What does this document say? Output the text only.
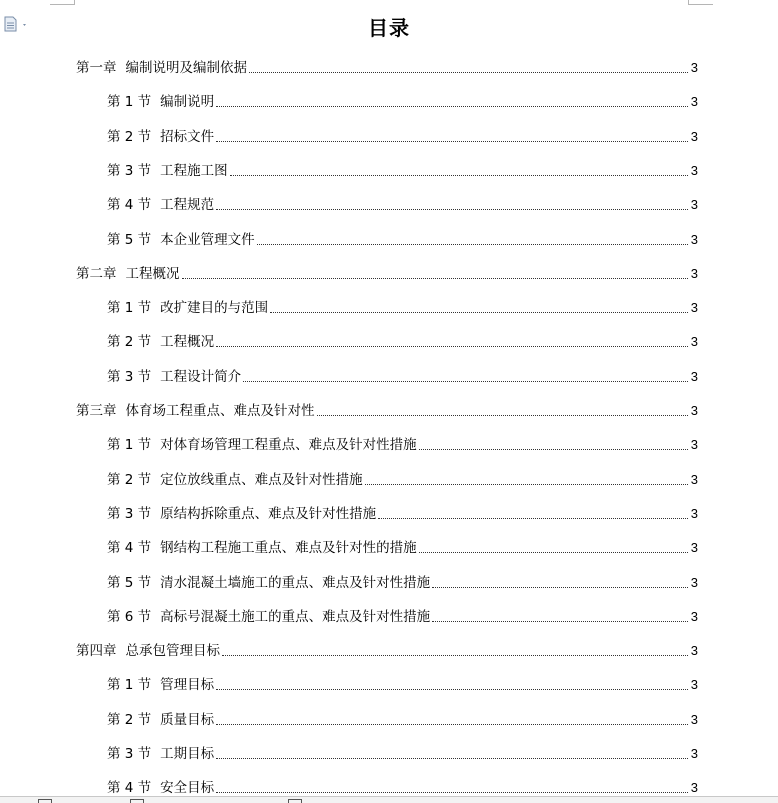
目录
第一章 编制说明及编制依据	3
第 1 节 编制说明	3
第 2 节 招标文件	3
第 3 节 工程施工图	3
第 4 节 工程规范	3
第 5 节 本企业管理文件	3
第二章 工程概况	3
第 1 节 改扩建目的与范围	3
第 2 节 工程概况	3
第 3 节 工程设计简介	3
第三章 体育场工程重点、难点及针对性	3
第 1 节 对体育场管理工程重点、难点及针对性措施	3
第 2 节 定位放线重点、难点及针对性措施	3
第 3 节 原结构拆除重点、难点及针对性措施	3
第 4 节 钢结构工程施工重点、难点及针对性的措施	3
第 5 节 清水混凝土墙施工的重点、难点及针对性措施	3
第 6 节 高标号混凝土施工的重点、难点及针对性措施	3
第四章 总承包管理目标	3
第 1 节 管理目标	3
第 2 节 质量目标	3
第 3 节 工期目标	3
第 4 节 安全目标	3
